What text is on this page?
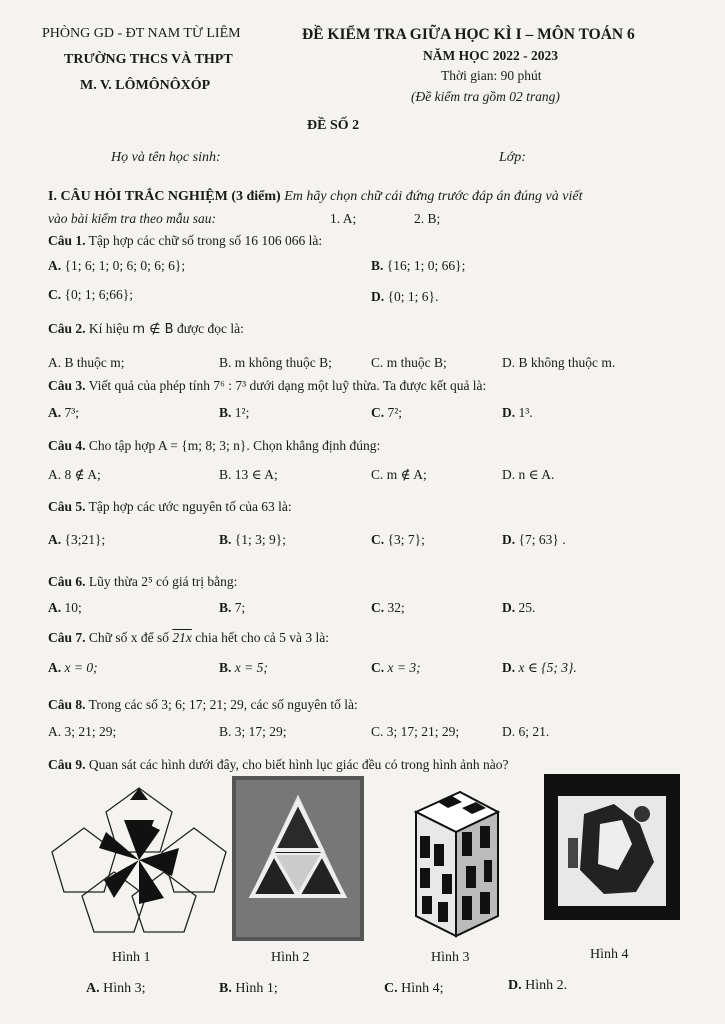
PHÒNG GD - ĐT NAM TỪ LIÊM
TRƯỜNG THCS VÀ THPT
M. V. LÔMÔNÔXÓP
ĐỀ KIỂM TRA GIỮA HỌC KÌ I – MÔN TOÁN 6
NĂM HỌC 2022 - 2023
Thời gian: 90 phút
(Đề kiểm tra gồm 02 trang)
ĐỀ SỐ 2
Họ và tên học sinh:	Lớp:
I. CÂU HỎI TRẮC NGHIỆM (3 điểm) Em hãy chọn chữ cái đứng trước đáp án đúng và viết
vào bài kiểm tra theo mẫu sau:	1. A;	2. B;
Câu 1. Tập hợp các chữ số trong số 16 106 066 là:
A. {1; 6; 1; 0; 6; 0; 6; 6};	B. {16; 1; 0; 66};
C. {0; 1; 6;66};	D. {0; 1; 6}.
Câu 2. Kí hiệu m ∉ B được đọc là:
A. B thuộc m;	B. m không thuộc B;	C. m thuộc B;	D. B không thuộc m.
Câu 3. Viết quả của phép tính 7⁶ : 7³ dưới dạng một luỹ thừa. Ta được kết quả là:
A. 7³;	B. 1²;	C. 7²;	D. 1³.
Câu 4. Cho tập hợp A = {m; 8; 3; n}. Chọn khẳng định đúng:
A. 8 ∉ A;	B. 13 ∈ A;	C. m ∉ A;	D. n ∈ A.
Câu 5. Tập hợp các ước nguyên tố của 63 là:
A. {3;21};	B. {1; 3; 9};	C. {3; 7};	D. {7; 63} .
Câu 6. Lũy thừa 2⁵ có giá trị bằng:
A. 10;	B. 7;	C. 32;	D. 25.
Câu 7. Chữ số x để số 21x chia hết cho cả 5 và 3 là:
A. x = 0;	B. x = 5;	C. x = 3;	D. x ∈ {5; 3}.
Câu 8. Trong các số 3; 6; 17; 21; 29, các số nguyên tố là:
A. 3; 21; 29;	B. 3; 17; 29;	C. 3; 17; 21; 29;	D. 6; 21.
Câu 9. Quan sát các hình dưới đây, cho biết hình lục giác đều có trong hình ảnh nào?
Hình 1	Hình 2	Hình 3	Hình 4
A. Hình 3;	B. Hình 1;	C. Hình 4;	D. Hình 2.
